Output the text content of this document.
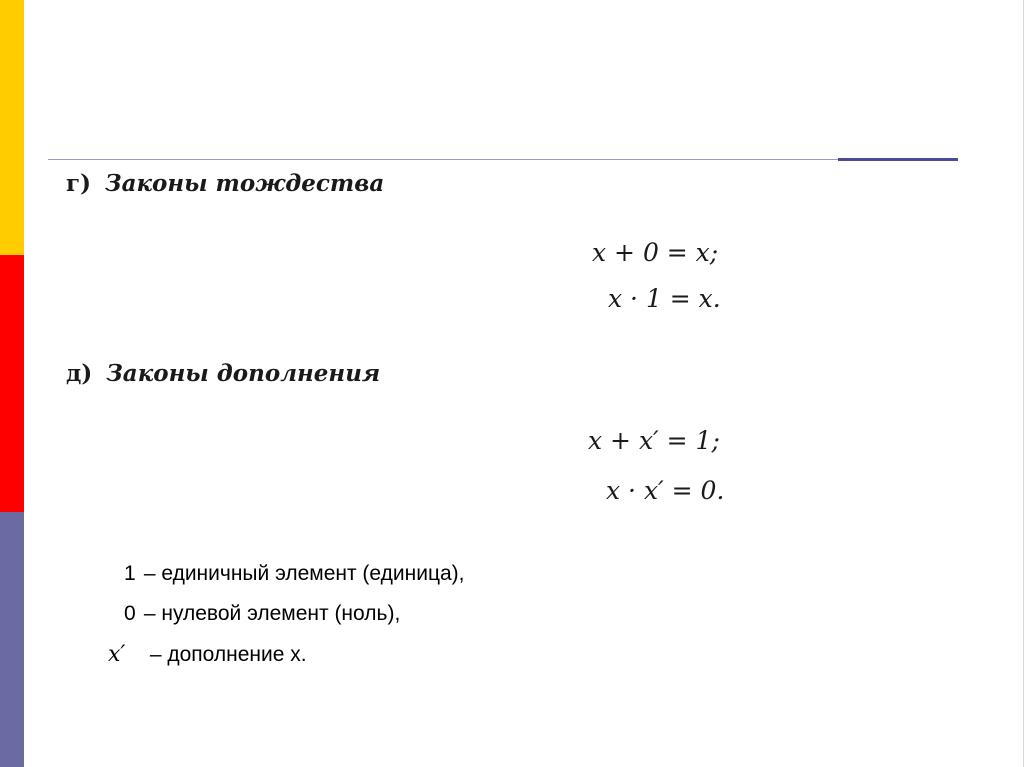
г) Законы тождества
x + 0 = x;
x · 1 = x.
д) Законы дополнения
x + x′ = 1;
x · x′ = 0.
1 – единичный элемент (единица),
0 – нулевой элемент (ноль),
x′ – дополнение x.
